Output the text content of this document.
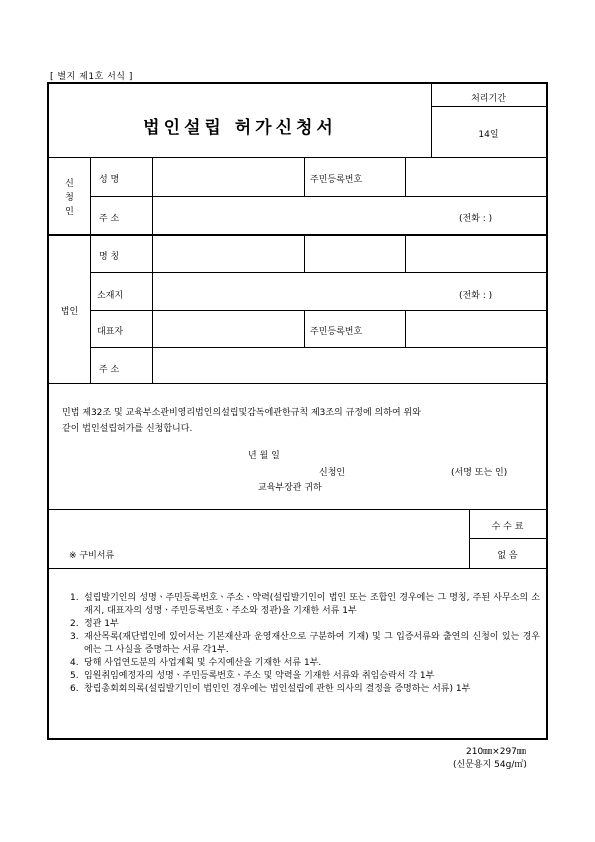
[ 별지 제1호 서식 ]
법인설립 허가신청서
처리기간
14일
신
청
인
성 명	주민등록번호
주 소	(전화 : )
법인
명 칭
소재지	(전화 : )
대표자	주민등록번호
주 소
민법 제32조 및 교육부소관비영리법인의설립및감독에관한규칙 제3조의 규정에 의하여 위와
같이 법인설립허가를 신청합니다.
년 월 일
신청인	(서명 또는 인)
교육부장관 귀하
수 수 료
없 음
※ 구비서류
1. 설립발기인의 성명ㆍ주민등록번호ㆍ주소ㆍ약력(설립발기인이 법인 또는 조합인 경우에는 그 명칭, 주된 사무소의 소재지, 대표자의 성명ㆍ주민등록번호ㆍ주소와 정관)을 기재한 서류 1부
2. 정관 1부
3. 재산목록(재단법인에 있어서는 기본재산과 운영재산으로 구분하여 기재) 및 그 입증서류와 출연의 신청이 있는 경우에는 그 사실을 증명하는 서류 각1부.
4. 당해 사업연도분의 사업계획 및 수지예산을 기재한 서류 1부.
5. 임원취임예정자의 성명ㆍ주민등록번호ㆍ주소 및 약력을 기재한 서류와 취임승락서 각 1부
6. 창립총회회의록(설립발기인이 법인인 경우에는 법인설립에 관한 의사의 결정을 증명하는 서류) 1부
210㎜×297㎜
(신문용지 54g/㎡)
